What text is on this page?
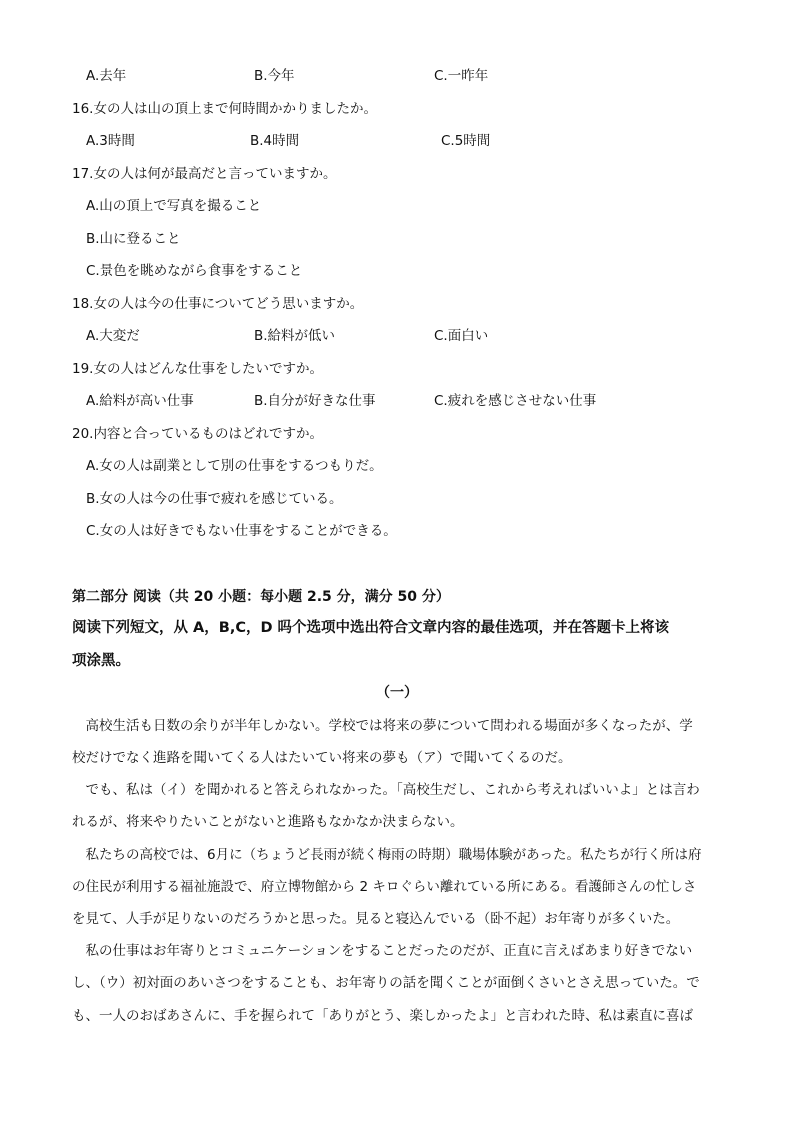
A.去年	B.今年	C.一昨年
16.女の人は山の頂上まで何時間かかりましたか。
A.3時間	B.4時間	C.5時間
17.女の人は何が最高だと言っていますか。
A.山の頂上で写真を撮ること
B.山に登ること
C.景色を眺めながら食事をすること
18.女の人は今の仕事についてどう思いますか。
A.大変だ	B.給料が低い	C.面白い
19.女の人はどんな仕事をしたいですか。
A.給料が高い仕事	B.自分が好きな仕事	C.疲れを感じさせない仕事
20.内容と合っているものはどれですか。
A.女の人は副業として別の仕事をするつもりだ。
B.女の人は今の仕事で疲れを感じている。
C.女の人は好きでもない仕事をすることができる。
第二部分 阅读（共 20 小题：每小题 2.5 分，满分 50 分）
阅读下列短文，从 A，B,C，D 吗个选项中选出符合文章内容的最佳选项，并在答题卡上将该
项涂黑。
（一）
　高校生活も日数の余りが半年しかない。学校では将来の夢について問われる場面が多くなったが、学
校だけでなく進路を聞いてくる人はたいてい将来の夢も（ア）で聞いてくるのだ。
　でも、私は（イ）を聞かれると答えられなかった。「高校生だし、これから考えればいいよ」とは言わ
れるが、将来やりたいことがないと進路もなかなか決まらない。
　私たちの高校では、6月に（ちょうど長雨が続く梅雨の時期）職場体験があった。私たちが行く所は府
の住民が利用する福祉施設で、府立博物館から 2 キロぐらい離れている所にある。看護師さんの忙しさ
を見て、人手が足りないのだろうかと思った。見ると寝込んでいる（卧不起）お年寄りが多くいた。
　私の仕事はお年寄りとコミュニケーションをすることだったのだが、正直に言えばあまり好きでない
し、（ウ）初対面のあいさつをすることも、お年寄りの話を聞くことが面倒くさいとさえ思っていた。で
も、一人のおばあさんに、手を握られて「ありがとう、楽しかったよ」と言われた時、私は素直に喜ば
